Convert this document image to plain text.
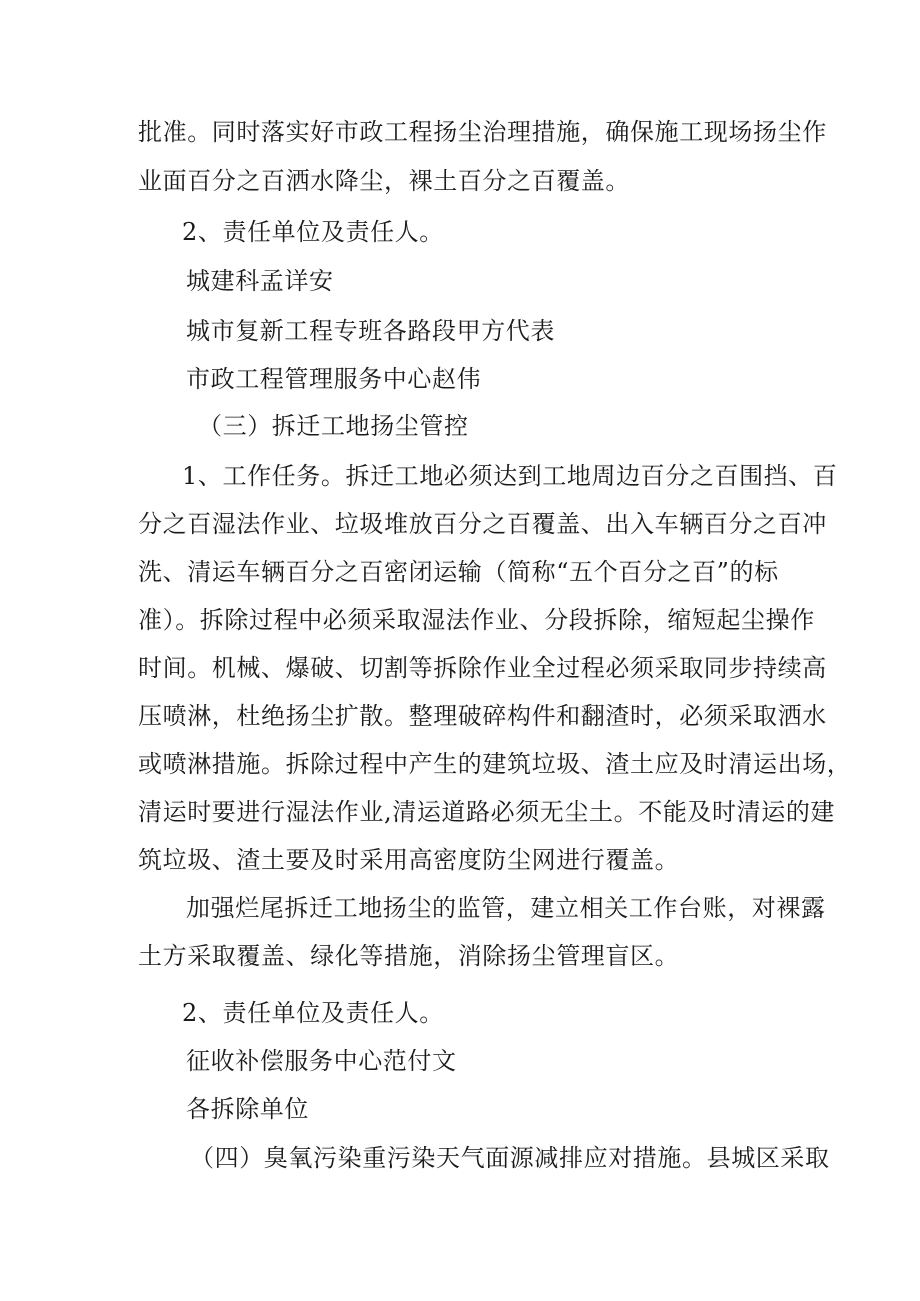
批准。同时落实好市政工程扬尘治理措施，确保施工现场扬尘作
业面百分之百洒水降尘，裸土百分之百覆盖。
2、责任单位及责任人。
城建科孟详安
城市复新工程专班各路段甲方代表
市政工程管理服务中心赵伟
（三）拆迁工地扬尘管控
1、工作任务。拆迁工地必须达到工地周边百分之百围挡、百
分之百湿法作业、垃圾堆放百分之百覆盖、出入车辆百分之百冲
洗、清运车辆百分之百密闭运输（简称“五个百分之百”的标
准）。拆除过程中必须采取湿法作业、分段拆除，缩短起尘操作
时间。机械、爆破、切割等拆除作业全过程必须采取同步持续高
压喷淋，杜绝扬尘扩散。整理破碎构件和翻渣时，必须采取洒水
或喷淋措施。拆除过程中产生的建筑垃圾、渣土应及时清运出场，
清运时要进行湿法作业,清运道路必须无尘土。不能及时清运的建
筑垃圾、渣土要及时采用高密度防尘网进行覆盖。
加强烂尾拆迁工地扬尘的监管，建立相关工作台账，对裸露
土方采取覆盖、绿化等措施，消除扬尘管理盲区。
2、责任单位及责任人。
征收补偿服务中心范付文
各拆除单位
（四）臭氧污染重污染天气面源减排应对措施。县城区采取
